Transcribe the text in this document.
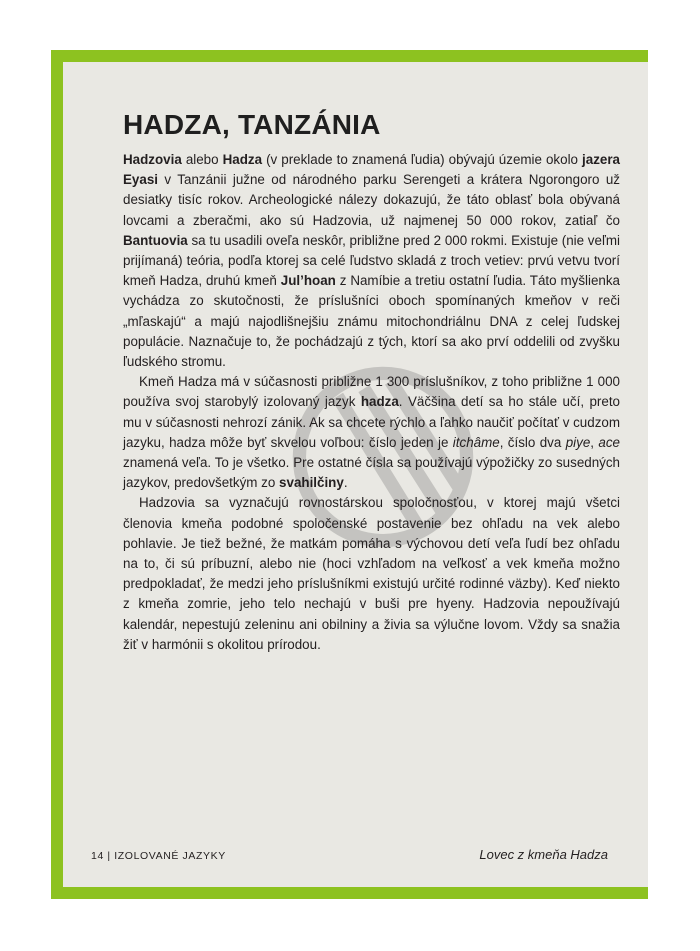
HADZA, TANZÁNIA

Hadzovia alebo Hadza (v preklade to znamená ľudia) obývajú územie okolo jazera Eyasi v Tanzánii južne od národného parku Serengeti a krátera Ngorongoro už desiatky tisíc rokov. Archeologické nálezy dokazujú, že táto oblasť bola obývaná lovcami a zberačmi, ako sú Hadzovia, už najmenej 50 000 rokov, zatiaľ čo Bantuovia sa tu usadili oveľa neskôr, približne pred 2 000 rokmi. Existuje (nie veľmi prijímaná) teória, podľa ktorej sa celé ľudstvo skladá z troch vetiev: prvú vetvu tvorí kmeň Hadza, druhú kmeň Jul’hoan z Namíbie a tretiu ostatní ľudia. Táto myšlienka vychádza zo skutočnosti, že príslušníci oboch spomínaných kmeňov v reči „mľaskajú“ a majú najodlišnejšiu známu mitochondriálnu DNA z celej ľudskej populácie. Naznačuje to, že pochádzajú z tých, ktorí sa ako prví oddelili od zvyšku ľudského stromu.

Kmeň Hadza má v súčasnosti približne 1 300 príslušníkov, z toho približne 1 000 používa svoj starobylý izolovaný jazyk hadza. Väčšina detí sa ho stále učí, preto mu v súčasnosti nehrozí zánik. Ak sa chcete rýchlo a ľahko naučiť počítať v cudzom jazyku, hadza môže byť skvelou voľbou: číslo jeden je itchâme, číslo dva piye, ace znamená veľa. To je všetko. Pre ostatné čísla sa používajú výpožičky zo susedných jazykov, predovšetkým zo svahilčiny.

Hadzovia sa vyznačujú rovnostárskou spoločnosťou, v ktorej majú všetci členovia kmeňa podobné spoločenské postavenie bez ohľadu na vek alebo pohlavie. Je tiež bežné, že matkám pomáha s výchovou detí veľa ľudí bez ohľadu na to, či sú príbuzní, alebo nie (hoci vzhľadom na veľkosť a vek kmeňa možno predpokladať, že medzi jeho príslušníkmi existujú určité rodinné väzby). Keď niekto z kmeňa zomrie, jeho telo nechajú v buši pre hyeny. Hadzovia nepoužívajú kalendár, nepestujú zeleninu ani obilniny a živia sa výlučne lovom. Vždy sa snažia žiť v harmónii s okolitou prírodou.

14 | IZOLOVANÉ JAZYKY	Lovec z kmeňa Hadza
